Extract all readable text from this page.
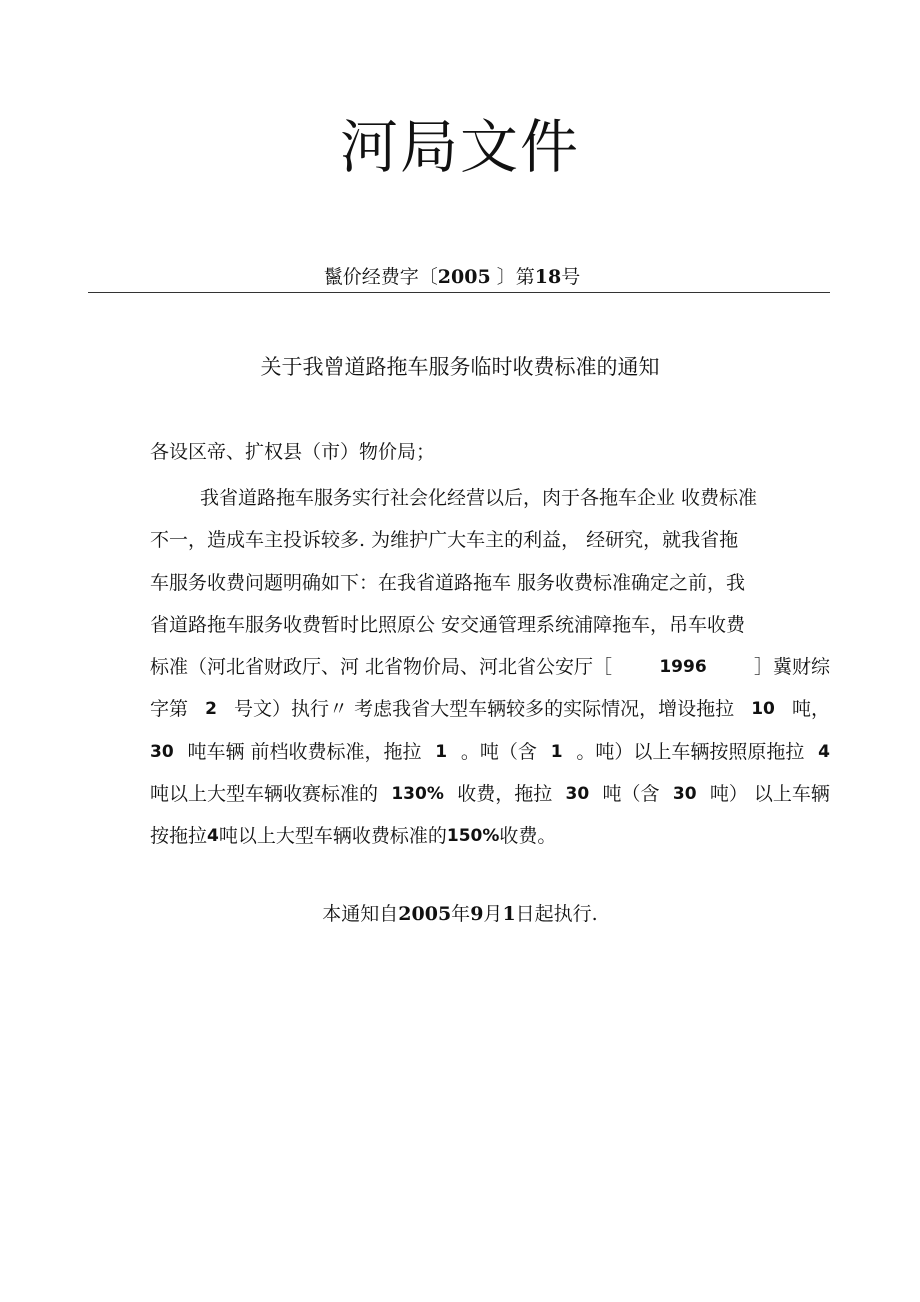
河局文件
鬣价经费字〔2005 〕第18号
关于我曾道路拖车服务临时收费标准的通知
各设区帝、扩权县（市）物价局；
我省道路拖车服务实行社会化经营以后，肉于各拖车企业 收费标准
不一，造成车主投诉较多. 为维护广大车主的利益， 经研究，就我省拖
车服务收费问题明确如下：在我省道路拖车 服务收费标准确定之前，我
省道路拖车服务收费暂时比照原公 安交通管理系统浦障拖车，吊车收费
标准（河北省财政厅、河 北省物价局、河北省公安厅［	1996 ］冀财综
字第 2 号文）执行〃 考虑我省大型车辆较多的实际情况，增设拖拉 10 吨，
30 吨车辆 前档收费标准，拖拉 1 。吨（含 1 。吨）以上车辆按照原拖拉 4
吨以上大型车辆收赛标准的 130% 收费，拖拉 30 吨（含 30 吨） 以上车辆
按拖拉 4 吨以上大型车辆收费标准的 150% 收费。
本通知自2005年9月1日起执行.
